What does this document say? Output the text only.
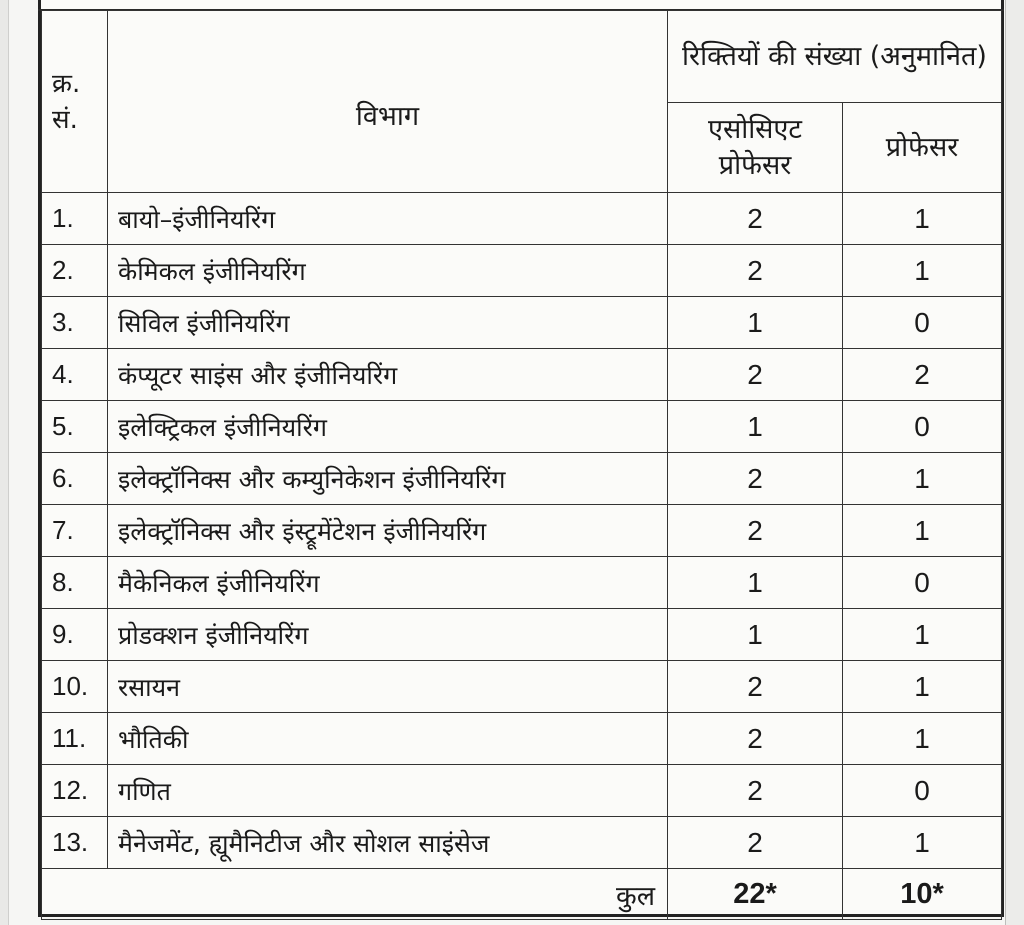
क्र. सं.	विभाग	रिक्तियों की संख्या (अनुमानित)	
		एसोसिएट प्रोफेसर	प्रोफेसर
1.	बायो–इंजीनियरिंग	2	1
2.	केमिकल इंजीनियरिंग	2	1
3.	सिविल इंजीनियरिंग	1	0
4.	कंप्यूटर साइंस और इंजीनियरिंग	2	2
5.	इलेक्ट्रिकल इंजीनियरिंग	1	0
6.	इलेक्ट्रॉनिक्स और कम्युनिकेशन इंजीनियरिंग	2	1
7.	इलेक्ट्रॉनिक्स और इंस्ट्रूमेंटेशन इंजीनियरिंग	2	1
8.	मैकेनिकल इंजीनियरिंग	1	0
9.	प्रोडक्शन इंजीनियरिंग	1	1
10.	रसायन	2	1
11.	भौतिकी	2	1
12.	गणित	2	0
13.	मैनेजमेंट, ह्यूमैनिटीज और सोशल साइंसेज	2	1
कुल		22*	10*
